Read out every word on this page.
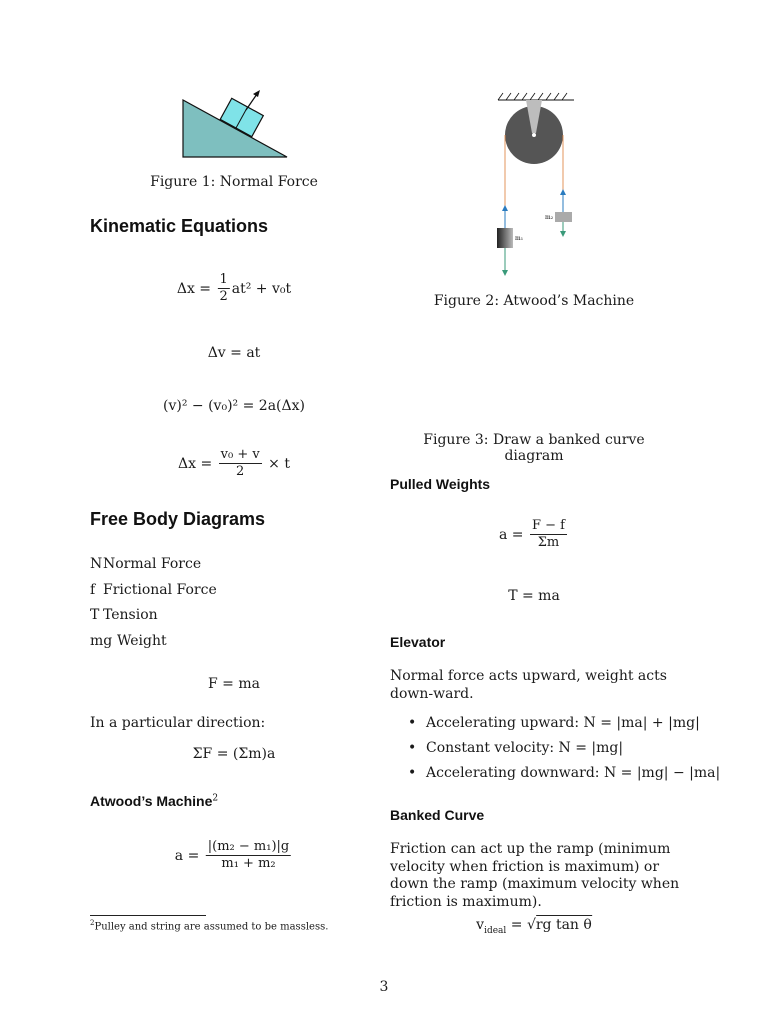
Figure 1: Normal Force
m₁
m₂
Figure 2: Atwood’s Machine
Figure 3: Draw a banked curve diagram
Kinematic Equations
$\Delta x = \frac{1}{2} at^2 + v_0t$
Δv = at
(v)² − (v₀)² = 2a(Δx)
$\Delta x = \frac{\text{v₀ + v}}{2} \times t$
Free Body Diagrams
NNormal Force
f Frictional Force
T Tension
mg Weight
F = ma
In a particular direction:
ΣF = (Σm)a
Atwood’s Machine$^2$
$a = \frac{\text{|(m₂ − m₁)|g}}{\text{m₁ + m₂}}$
$^2$Pulley and string are assumed to be massless.
Pulled Weights
$a = \frac{F - f}{\Sigma m}$
T = ma
Elevator
Normal force acts upward, weight acts down-ward.
• Accelerating upward: N = |ma| + |mg|
• Constant velocity: N = |mg|
• Accelerating downward: N = |mg| − |ma|
Banked Curve
Friction can act up the ramp (minimum velocity when friction is maximum) or down the ramp (maximum velocity when friction is maximum).
$v_{ideal} = √rg$ tan θ
3
